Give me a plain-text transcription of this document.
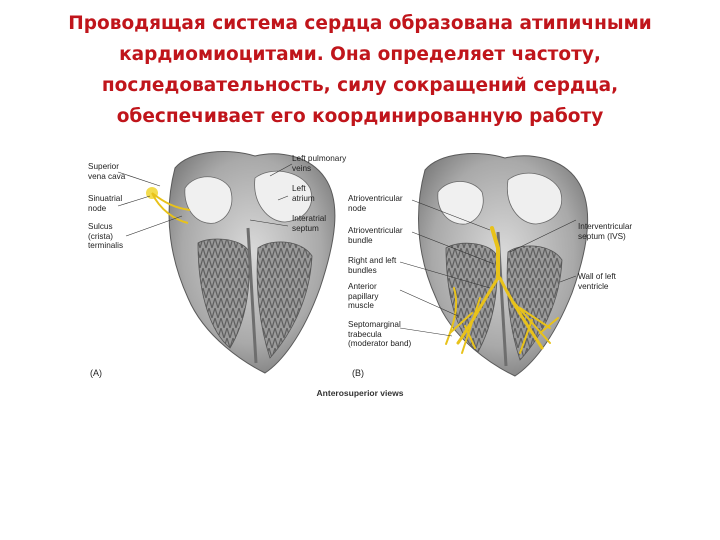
Проводящая система сердца образована атипичными
кардиомиоцитами. Она определяет частоту,
последовательность, силу сокращений сердца,
обеспечивает его координированную работу
Superior
vena cava
Sinuatrial
node
Sulcus
(crista)
terminalis
Left pulmonary
veins
Left
atrium
Interatrial
septum
Atrioventricular
node
Atrioventricular
bundle
Right and left
bundles
Anterior
papillary
muscle
Septomarginal
trabecula
(moderator band)
Interventricular
septum (IVS)
Wall of left
ventricle
(A)	(B)
Anterosuperior views
